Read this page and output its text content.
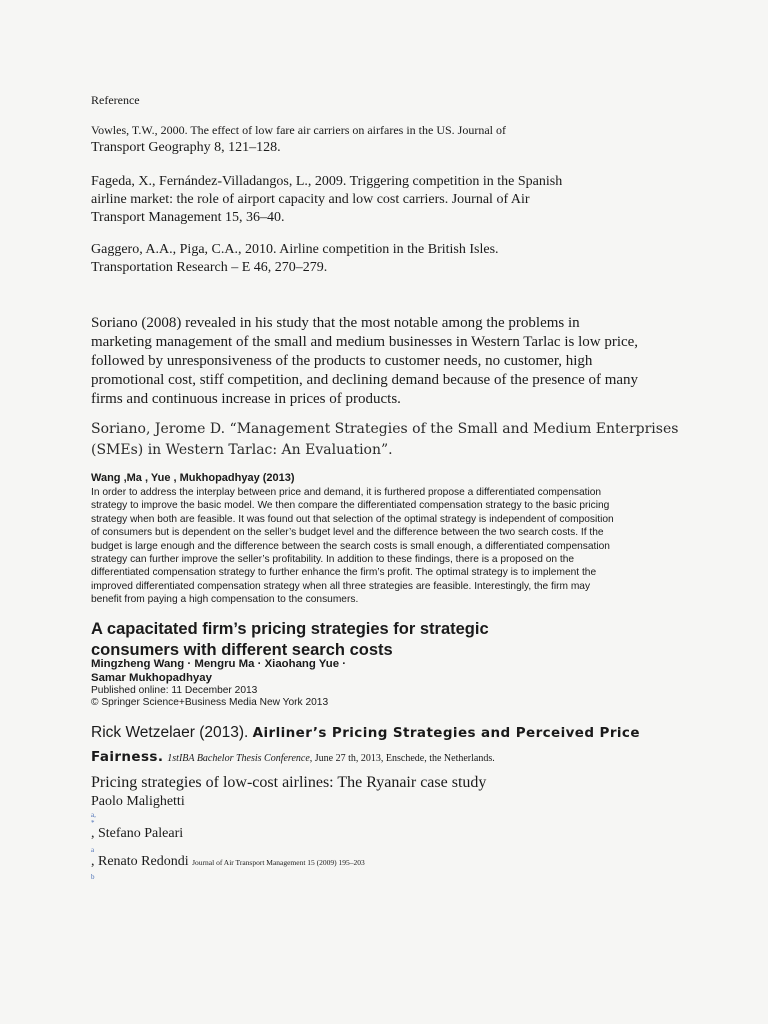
Reference
Vowles, T.W., 2000. The effect of low fare air carriers on airfares in the US. Journal of
Transport Geography 8, 121–128.
Fageda, X., Fernández-Villadangos, L., 2009. Triggering competition in the Spanish
airline market: the role of airport capacity and low cost carriers. Journal of Air
Transport Management 15, 36–40.
Gaggero, A.A., Piga, C.A., 2010. Airline competition in the British Isles.
Transportation Research – E 46, 270–279.
Soriano (2008) revealed in his study that the most notable among the problems in
marketing management of the small and medium businesses in Western Tarlac is low price,
followed by unresponsiveness of the products to customer needs, no customer, high
promotional cost, stiff competition, and declining demand because of the presence of many
firms and continuous increase in prices of products.
Soriano, Jerome D. “Management Strategies of the Small and Medium Enterprises
(SMEs) in Western Tarlac: An Evaluation”.
Wang ,Ma , Yue , Mukhopadhyay (2013)
In order to address the interplay between price and demand, it is furthered propose a differentiated compensation
strategy to improve the basic model. We then compare the differentiated compensation strategy to the basic pricing
strategy when both are feasible. It was found out that selection of the optimal strategy is independent of composition
of consumers but is dependent on the seller’s budget level and the difference between the two search costs. If the
budget is large enough and the difference between the search costs is small enough, a differentiated compensation
strategy can further improve the seller’s profitability. In addition to these findings, there is a proposed on the
differentiated compensation strategy to further enhance the firm’s profit. The optimal strategy is to implement the
improved differentiated compensation strategy when all three strategies are feasible. Interestingly, the firm may
benefit from paying a high compensation to the consumers.
A capacitated firm’s pricing strategies for strategic
consumers with different search costs
Mingzheng Wang · Mengru Ma · Xiaohang Yue ·
Samar Mukhopadhyay
Published online: 11 December 2013
© Springer Science+Business Media New York 2013
Rick Wetzelaer (2013). Airliner’s Pricing Strategies and Perceived Price
Fairness. 1stIBA Bachelor Thesis Conference, June 27 th, 2013, Enschede, the Netherlands.
Pricing strategies of low-cost airlines: The Ryanair case study
Paolo Malighetti
a,
*
, Stefano Paleari
a
, Renato Redondi Journal of Air Transport Management 15 (2009) 195–203
b
